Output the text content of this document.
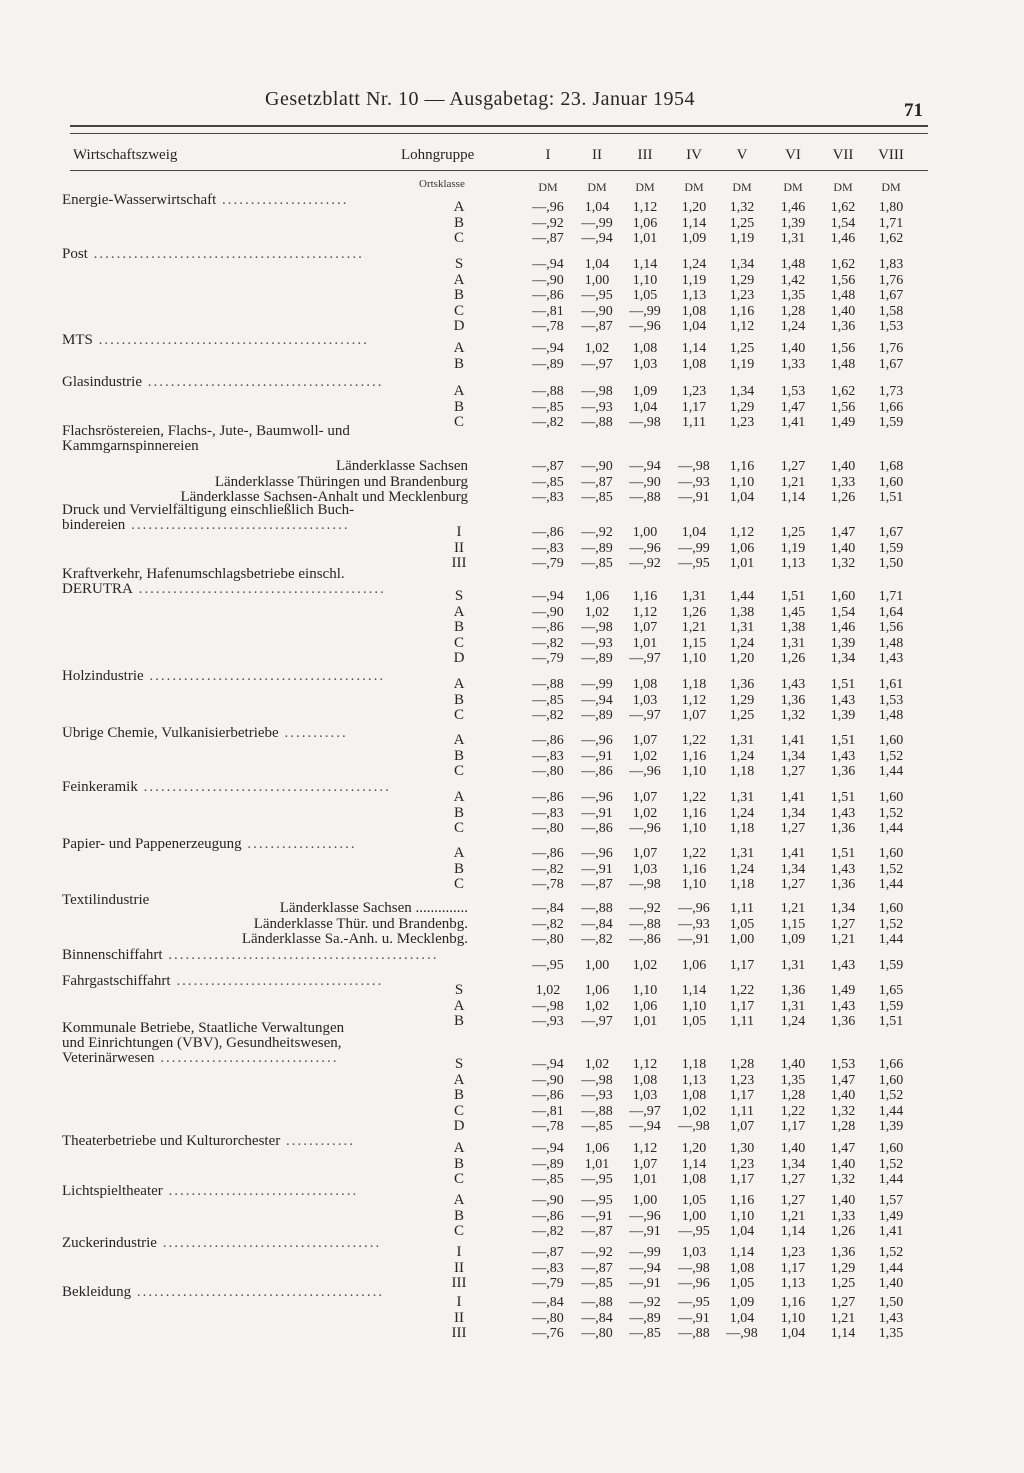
Gesetzblatt Nr. 10 — Ausgabetag: 23. Januar 1954
71
Wirtschaftszweig	Lohngruppe
Ortsklasse
I
DM
II
DM
III
DM
IV
DM
V
DM
VI
DM
VII
DM
VIII
DM
Energie-Wasserwirtschaft ......................	A	—,96 1,04 1,12 1,20 1,32 1,46 1,62 1,80
B	—,92 —,99 1,06 1,14 1,25 1,39 1,54 1,71
C	—,87 —,94 1,01 1,09 1,19 1,31 1,46 1,62
Post ...............................................
S	—,94 1,04 1,14 1,24 1,34 1,48 1,62 1,83
A	—,90 1,00 1,10 1,19 1,29 1,42 1,56 1,76
B	—,86 —,95 1,05 1,13 1,23 1,35 1,48 1,67
C	—,81 —,90 —,99 1,08 1,16 1,28 1,40 1,58
D	—,78 —,87 —,96 1,04 1,12 1,24 1,36 1,53
MTS ...............................................	A	—,94 1,02 1,08 1,14 1,25 1,40 1,56 1,76
B	—,89 —,97 1,03 1,08 1,19 1,33 1,48 1,67
Glasindustrie .........................................
A	—,88 —,98 1,09 1,23 1,34 1,53 1,62 1,73
B	—,85 —,93 1,04 1,17 1,29 1,47 1,56 1,66
C	—,82 —,88 —,98 1,11 1,23 1,41 1,49 1,59
Flachsröstereien, Flachs-, Jute-, Baumwoll- und
Kammgarnspinnereien
Länderklasse Sachsen	—,87 —,90 —,94 —,98 1,16 1,27 1,40 1,68
Länderklasse Thüringen und Brandenburg	—,85 —,87 —,90 —,93 1,10 1,21 1,33 1,60
Länderklasse Sachsen-Anhalt und Mecklenburg	—,83 —,85 —,88 —,91 1,04 1,14 1,26 1,51
Druck und Vervielfältigung einschließlich Buch-
bindereien ......................................	I	—,86 —,92 1,00 1,04 1,12 1,25 1,47 1,67
II	—,83 —,89 —,96 —,99 1,06 1,19 1,40 1,59
III	—,79 —,85 —,92 —,95 1,01 1,13 1,32 1,50
Kraftverkehr, Hafenumschlagsbetriebe einschl.
DERUTRA ...........................................	S	—,94 1,06 1,16 1,31 1,44 1,51 1,60 1,71
A	—,90 1,02 1,12 1,26 1,38 1,45 1,54 1,64
B	—,86 —,98 1,07 1,21 1,31 1,38 1,46 1,56
C	—,82 —,93 1,01 1,15 1,24 1,31 1,39 1,48
D	—,79 —,89 —,97 1,10 1,20 1,26 1,34 1,43
Holzindustrie .........................................	A	—,88 —,99 1,08 1,18 1,36 1,43 1,51 1,61
B	—,85 —,94 1,03 1,12 1,29 1,36 1,43 1,53
C	—,82 —,89 —,97 1,07 1,25 1,32 1,39 1,48
Übrige Chemie, Vulkanisierbetriebe ...........	A	—,86 —,96 1,07 1,22 1,31 1,41 1,51 1,60
B	—,83 —,91 1,02 1,16 1,24 1,34 1,43 1,52
C	—,80 —,86 —,96 1,10 1,18 1,27 1,36 1,44
Feinkeramik ...........................................
A	—,86 —,96 1,07 1,22 1,31 1,41 1,51 1,60
B	—,83 —,91 1,02 1,16 1,24 1,34 1,43 1,52
C	—,80 —,86 —,96 1,10 1,18 1,27 1,36 1,44
Papier- und Pappenerzeugung ...................
A	—,86 —,96 1,07 1,22 1,31 1,41 1,51 1,60
B	—,82 —,91 1,03 1,16 1,24 1,34 1,43 1,52
C	—,78 —,87 —,98 1,10 1,18 1,27 1,36 1,44
Textilindustrie	Länderklasse Sachsen ..............	—,84 —,88 —,92 —,96 1,11 1,21 1,34 1,60
Länderklasse Thür. und Brandenbg.	—,82 —,84 —,88 —,93 1,05 1,15 1,27 1,52
Länderklasse Sa.-Anh. u. Mecklenbg.	—,80 —,82 —,86 —,91 1,00 1,09 1,21 1,44
Binnenschiffahrt ...............................................
—,95 1,00 1,02 1,06 1,17 1,31 1,43 1,59
Fahrgastschiffahrt ....................................
S	1,02 1,06 1,10 1,14 1,22 1,36 1,49 1,65
A	—,98 1,02 1,06 1,10 1,17 1,31 1,43 1,59
B	—,93 —,97 1,01 1,05 1,11 1,24 1,36 1,51
Kommunale Betriebe, Staatliche Verwaltungen
und Einrichtungen (VBV), Gesundheitswesen,
Veterinärwesen ...............................	S	—,94 1,02 1,12 1,18 1,28 1,40 1,53 1,66
A	—,90 —,98 1,08 1,13 1,23 1,35 1,47 1,60
B	—,86 —,93 1,03 1,08 1,17 1,28 1,40 1,52
C	—,81 —,88 —,97 1,02 1,11 1,22 1,32 1,44
D	—,78 —,85 —,94 —,98 1,07 1,17 1,28 1,39
Theaterbetriebe und Kulturorchester ............	A	—,94 1,06 1,12 1,20 1,30 1,40 1,47 1,60
B	—,89 1,01 1,07 1,14 1,23 1,34 1,40 1,52
C	—,85 —,95 1,01 1,08 1,17 1,27 1,32 1,44
Lichtspieltheater .................................
A	—,90 —,95 1,00 1,05 1,16 1,27 1,40 1,57
B	—,86 —,91 —,96 1,00 1,10 1,21 1,33 1,49
C	—,82 —,87 —,91 —,95 1,04 1,14 1,26 1,41
Zuckerindustrie ......................................
I	—,87 —,92 —,99 1,03 1,14 1,23 1,36 1,52
II	—,83 —,87 —,94 —,98 1,08 1,17 1,29 1,44
III	—,79 —,85 —,91 —,96 1,05 1,13 1,25 1,40
Bekleidung ...........................................
I	—,84 —,88 —,92 —,95 1,09 1,16 1,27 1,50
II	—,80 —,84 —,89 —,91 1,04 1,10 1,21 1,43
III	—,76 —,80 —,85 —,88 —,98 1,04 1,14 1,35
